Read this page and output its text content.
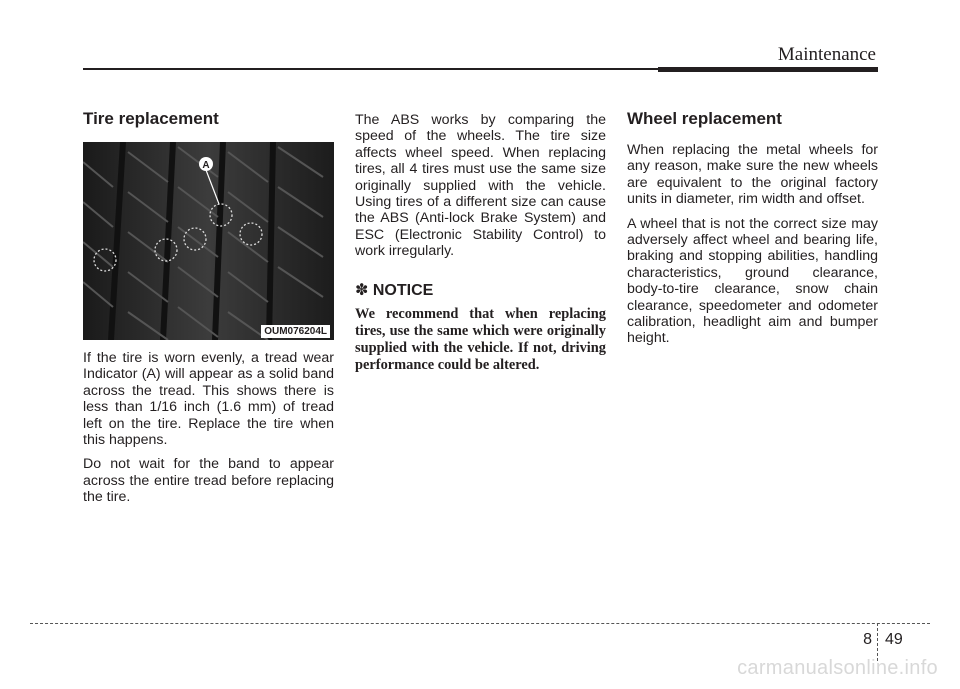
Maintenance
Tire replacement
A
OUM076204L

If the tire is worn evenly, a tread wear Indicator (A) will appear as a solid band across the tread. This shows there is less than 1/16 inch (1.6 mm) of tread left on the tire. Replace the tire when this happens.

Do not wait for the band to appear across the entire tread before replacing the tire.

The ABS works by comparing the speed of the wheels. The tire size affects wheel speed. When replacing tires, all 4 tires must use the same size originally supplied with the vehicle. Using tires of a different size can cause the ABS (Anti-lock Brake System) and ESC (Electronic Stability Control) to work irregularly.

✽ NOTICE

We recommend that when replacing tires, use the same which were originally supplied with the vehicle. If not, driving performance could be altered.

Wheel replacement

When replacing the metal wheels for any reason, make sure the new wheels are equivalent to the original factory units in diameter, rim width and offset.

A wheel that is not the correct size may adversely affect wheel and bearing life, braking and stopping abilities, handling characteristics, ground clearance, body-to-tire clearance, snow chain clearance, speedometer and odometer calibration, headlight aim and bumper height.

8 49
carmanualsonline.info
